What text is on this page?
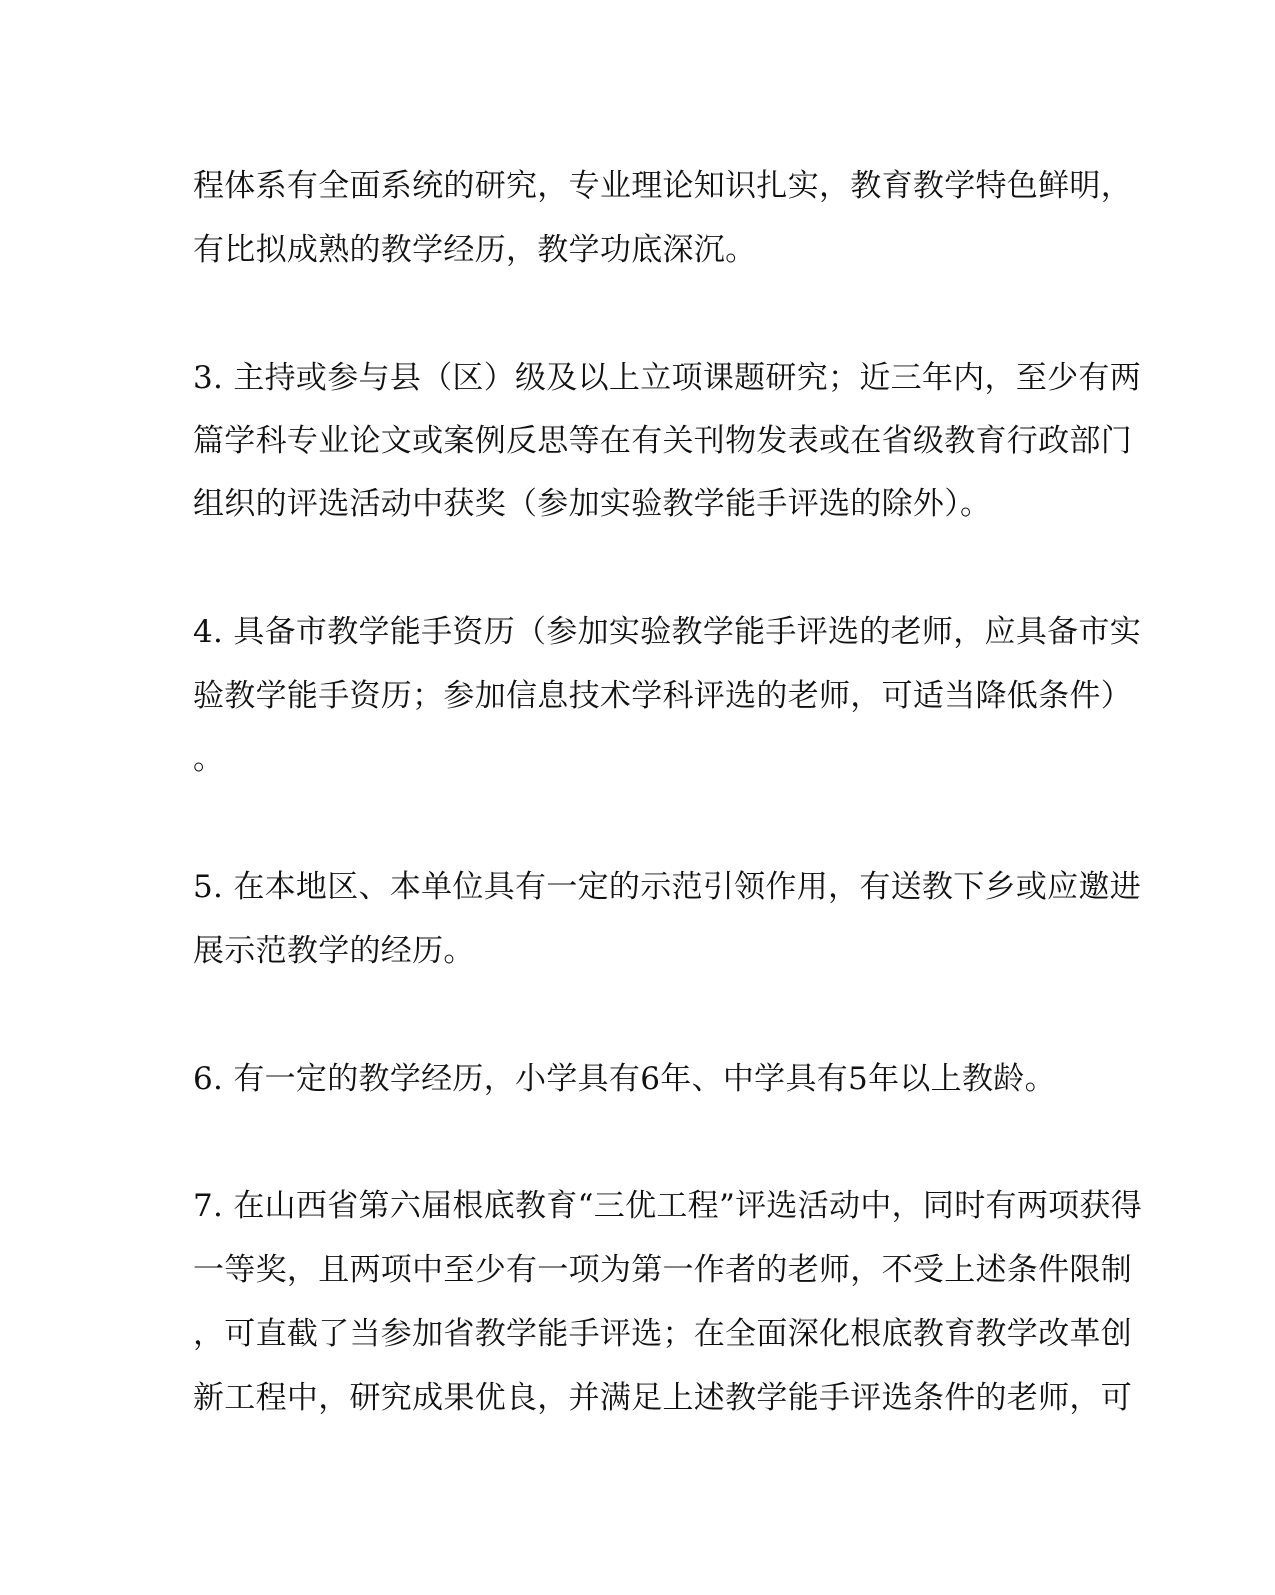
程体系有全面系统的研究，专业理论知识扎实，教育教学特色鲜明，
有比拟成熟的教学经历，教学功底深沉。
3. 主持或参与县（区）级及以上立项课题研究；近三年内，至少有两
篇学科专业论文或案例反思等在有关刊物发表或在省级教育行政部门
组织的评选活动中获奖（参加实验教学能手评选的除外）。
4. 具备市教学能手资历（参加实验教学能手评选的老师，应具备市实
验教学能手资历；参加信息技术学科评选的老师，可适当降低条件）
。
5. 在本地区、本单位具有一定的示范引领作用，有送教下乡或应邀进
展示范教学的经历。
6. 有一定的教学经历，小学具有6年、中学具有5年以上教龄。
7. 在山西省第六届根底教育“三优工程”评选活动中，同时有两项获得
一等奖，且两项中至少有一项为第一作者的老师，不受上述条件限制
，可直截了当参加省教学能手评选；在全面深化根底教育教学改革创
新工程中，研究成果优良，并满足上述教学能手评选条件的老师，可
